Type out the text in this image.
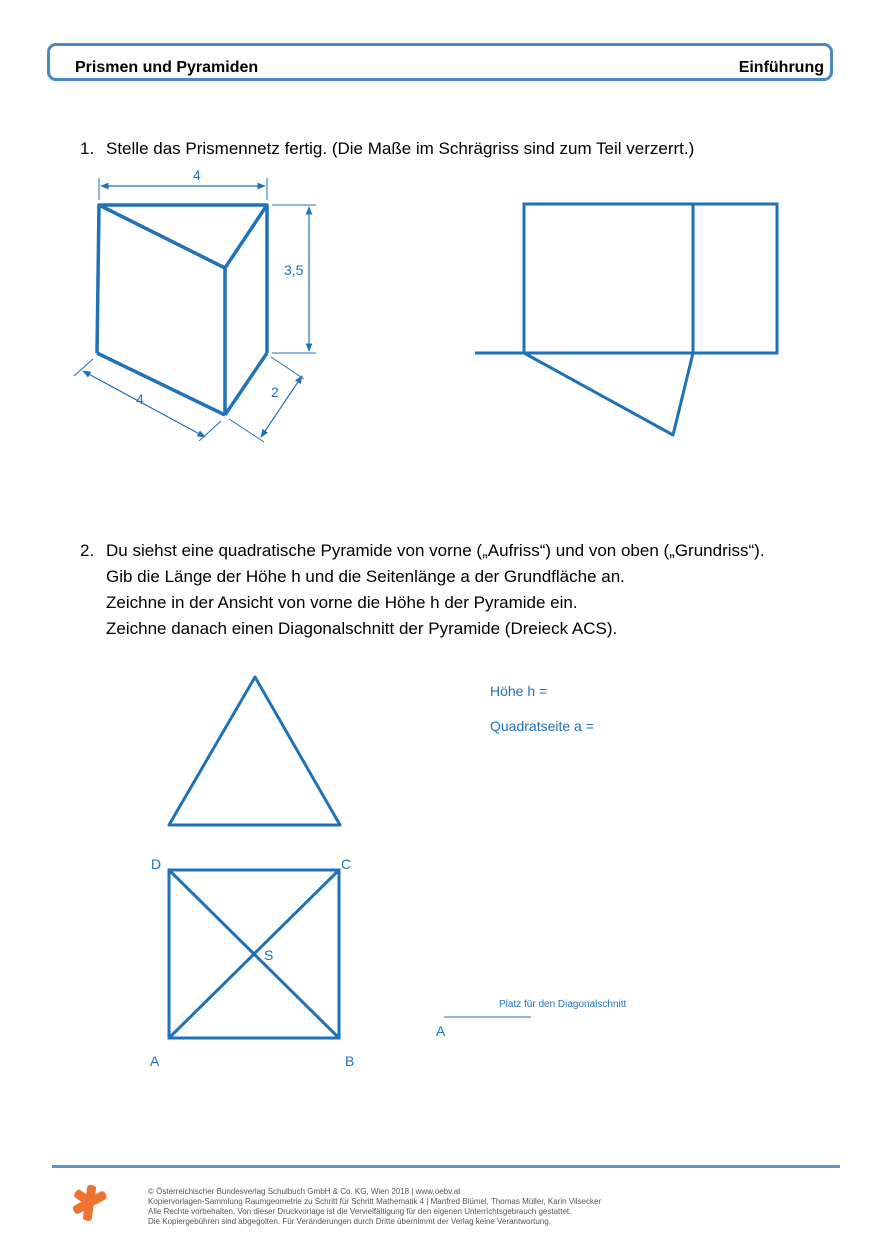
Prismen und Pyramiden	Einführung
1. Stelle das Prismennetz fertig. (Die Maße im Schrägriss sind zum Teil verzerrt.)
2. Du siehst eine quadratische Pyramide von vorne („Aufriss“) und von oben („Grundriss“).
Gib die Länge der Höhe h und die Seitenlänge a der Grundfläche an.
Zeichne in der Ansicht von vorne die Höhe h der Pyramide ein.
Zeichne danach einen Diagonalschnitt der Pyramide (Dreieck ACS).
4
3,5
4	2
D	C
S
A	B
Platz für den Diagonalschnitt
A
Höhe h =
Quadratseite a =
© Österreichischer Bundesverlag Schulbuch GmbH & Co. KG, Wien 2018 | www.oebv.at
Kopiervorlagen-Sammlung Raumgeometrie zu Schritt für Schritt Mathematik 4 | Manfred Blümel, Thomas Müller, Karin Vilsecker
Alle Rechte vorbehalten. Von dieser Druckvorlage ist die Vervielfältigung für den eigenen Unterrichtsgebrauch gestattet.
Die Kopiergebühren sind abgegolten. Für Veränderungen durch Dritte übernimmt der Verlag keine Verantwortung.
